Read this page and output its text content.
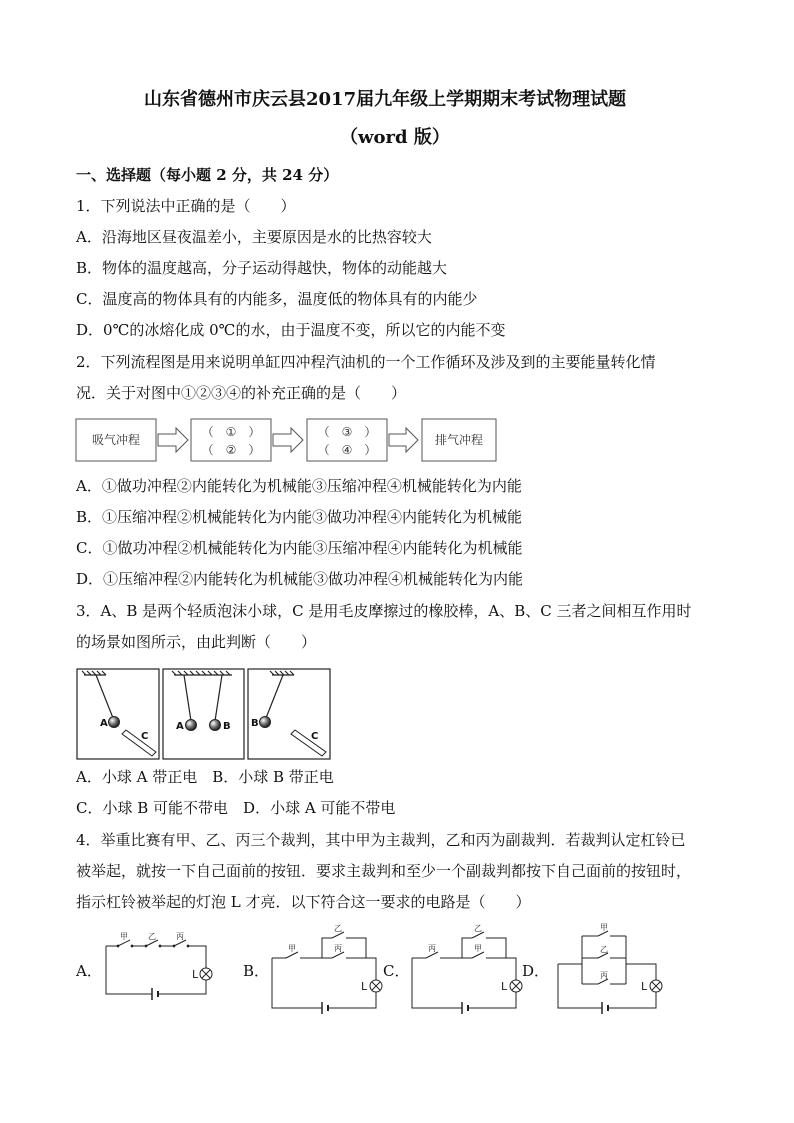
山东省德州市庆云县2017届九年级上学期期末考试物理试题
（word 版）
一、选择题（每小题 2 分，共 24 分）
1．下列说法中正确的是（　　）
A．沿海地区昼夜温差小，主要原因是水的比热容较大
B．物体的温度越高，分子运动得越快，物体的动能越大
C．温度高的物体具有的内能多，温度低的物体具有的内能少
D．0℃的冰熔化成 0℃的水，由于温度不变，所以它的内能不变
2．下列流程图是用来说明单缸四冲程汽油机的一个工作循环及涉及到的主要能量转化情
况．关于对图中①②③④的补充正确的是（　　）
吸气冲程
（　①　）
（　②　）
（　③　）
（　④　）
排气冲程
A．①做功冲程②内能转化为机械能③压缩冲程④机械能转化为内能
B．①压缩冲程②机械能转化为内能③做功冲程④内能转化为机械能
C．①做功冲程②机械能转化为内能③压缩冲程④内能转化为机械能
D．①压缩冲程②内能转化为机械能③做功冲程④机械能转化为内能
3．A、B 是两个轻质泡沫小球，C 是用毛皮摩擦过的橡胶棒，A、B、C 三者之间相互作用时
的场景如图所示，由此判断（　　）
A
C
A	B B
C
A．小球 A 带正电　B．小球 B 带正电
C．小球 B 可能不带电　D．小球 A 可能不带电
4．举重比赛有甲、乙、丙三个裁判，其中甲为主裁判，乙和丙为副裁判．若裁判认定杠铃已
被举起，就按一下自己面前的按钮．要求主裁判和至少一个副裁判都按下自己面前的按钮时，
指示杠铃被举起的灯泡 L 才亮．以下符合这一要求的电路是（　　）
A．	B．	C．	D．
甲	乙	丙
L
甲
乙
丙
L
丙
乙
甲
L
甲
乙
丙
L
